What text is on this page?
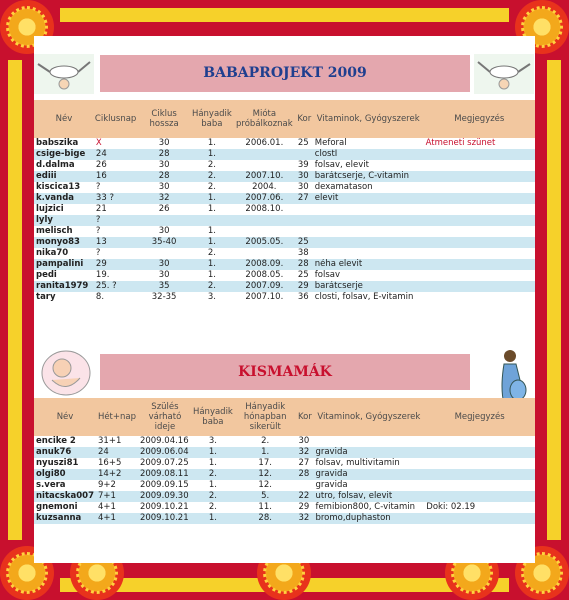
BABAPROJEKT 2009
Név	Ciklusnap	Ciklus hossza	Hányadik baba	Mióta próbálkoznak	Kor	Vitaminok, Gyógyszerek	Megjegyzés
babszika	X	30	1.	2006.01.	25	Meforal	Átmeneti szünet
csige-bige	24	28	1.			clostI	
d.dalma	26	30	2.		39	folsav, elevit	
ediii	16	28	2.	2007.10.	30	barátcserje, C-vitamin	
kiscica13	?	30	2.	2004.	30	dexamatason	
k.vanda	33 ?	32	1.	2007.06.	27	elevit	
lujzici	21	26	1.	2008.10.			
lyly	?						
melisch	?	30	1.				
monyo83	13	35-40	1.	2005.05.	25		
nika70	?		2.		38		
pampalini	29	30	1.	2008.09.	28	néha elevit	
pedi	19.	30	1.	2008.05.	25	folsav	
ranita1979	25. ?	35	2.	2007.09.	29	barátcserje	
tary	8.	32-35	3.	2007.10.	36	closti, folsav, E-vitamin	
KISMAMÁK
Név	Hét+nap	Szülés várható ideje	Hányadik baba	Hányadik hónapban sikerült	Kor	Vitaminok, Gyógyszerek	Megjegyzés
encike 2	31+1	2009.04.16	3.	2.	30		
anuk76	24	2009.06.04	1.	1.	32	gravida	
nyuszi81	16+5	2009.07.25	1.	17.	27	folsav, multivitamin	
olgi80	14+2	2009.08.11	2.	12.	28	gravida	
s.vera	9+2	2009.09.15	1.	12.		gravida	
nitacska007	7+1	2009.09.30	2.	5.	22	utro, folsav, elevit	
gnemoni	4+1	2009.10.21	2.	11.	29	femibion800, C-vitamin	Doki: 02.19
kuzsanna	4+1	2009.10.21	1.	28.	32	bromo,duphaston	
